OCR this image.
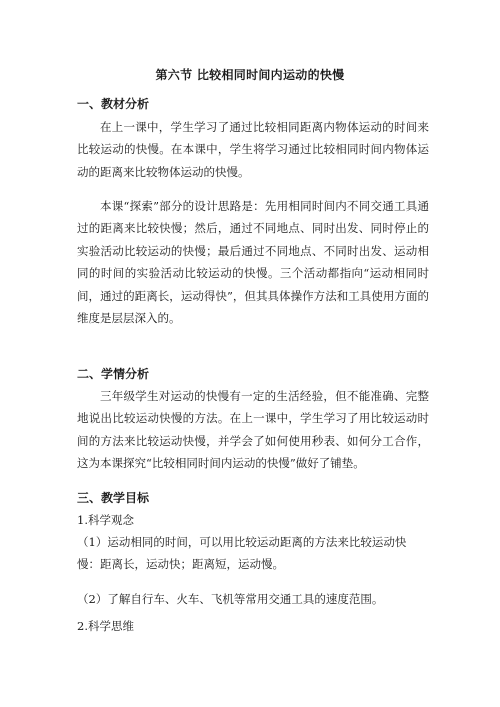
第六节 比较相同时间内运动的快慢
一、教材分析

在上一课中，学生学习了通过比较相同距离内物体运动的时间来比较运动的快慢。在本课中，学生将学习通过比较相同时间内物体运动的距离来比较物体运动的快慢。

本课“探索”部分的设计思路是：先用相同时间内不同交通工具通过的距离来比较快慢；然后，通过不同地点、同时出发、同时停止的实验活动比较运动的快慢；最后通过不同地点、不同时出发、运动相同的时间的实验活动比较运动的快慢。三个活动都指向“运动相同时间，通过的距离长，运动得快”，但其具体操作方法和工具使用方面的维度是层层深入的。

二、学情分析

三年级学生对运动的快慢有一定的生活经验，但不能准确、完整地说出比较运动快慢的方法。在上一课中，学生学习了用比较运动时间的方法来比较运动快慢，并学会了如何使用秒表、如何分工合作，这为本课探究“比较相同时间内运动的快慢”做好了铺垫。

三、教学目标
1.科学观念

（1）运动相同的时间，可以用比较运动距离的方法来比较运动快慢：距离长，运动快；距离短，运动慢。

（2）了解自行车、火车、飞机等常用交通工具的速度范围。

2.科学思维
